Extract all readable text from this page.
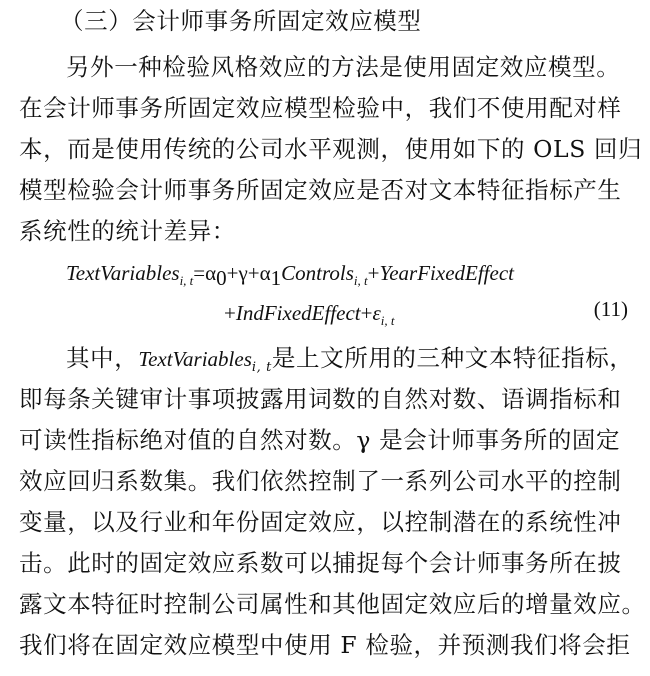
（三）会计师事务所固定效应模型
另外一种检验风格效应的方法是使用固定效应模型。
在会计师事务所固定效应模型检验中，我们不使用配对样
本，而是使用传统的公司水平观测，使用如下的 OLS 回归
模型检验会计师事务所固定效应是否对文本特征指标产生
系统性的统计差异：
$TextVariables_{i, t}=\alpha_0+\gamma+\alpha_1Controls_{i, t}+YearFixedEffect$
$+IndFixedEffect+\varepsilon_{i, t}$	(11)
其中，TextVariables$_{i, t}$是上文所用的三种文本特征指标，
即每条关键审计事项披露用词数的自然对数、语调指标和
可读性指标绝对值的自然对数。γ 是会计师事务所的固定
效应回归系数集。我们依然控制了一系列公司水平的控制
变量，以及行业和年份固定效应，以控制潜在的系统性冲
击。此时的固定效应系数可以捕捉每个会计师事务所在披
露文本特征时控制公司属性和其他固定效应后的增量效应。
我们将在固定效应模型中使用 F 检验，并预测我们将会拒
